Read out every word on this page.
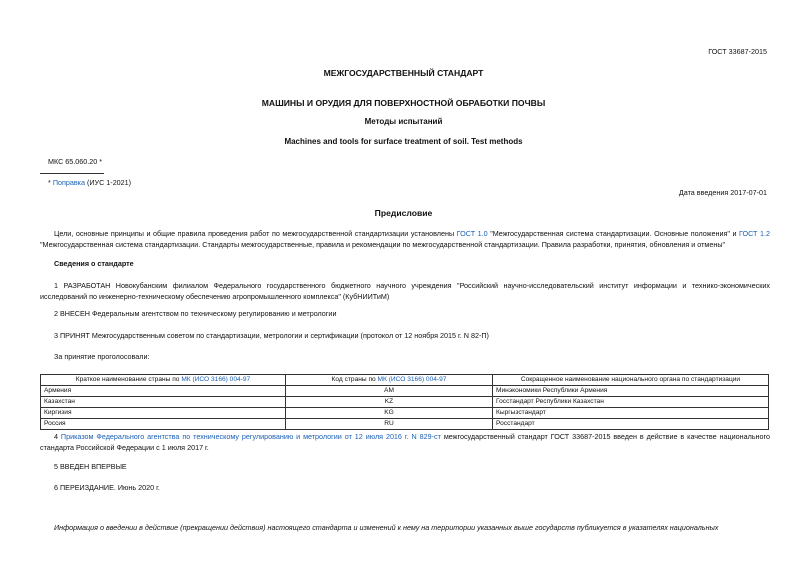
ГОСТ 33687-2015
МЕЖГОСУДАРСТВЕННЫЙ СТАНДАРТ
МАШИНЫ И ОРУДИЯ ДЛЯ ПОВЕРХНОСТНОЙ ОБРАБОТКИ ПОЧВЫ
Методы испытаний
Machines and tools for surface treatment of soil. Test methods
МКС 65.060.20 *
* Поправка (ИУС 1-2021)
Дата введения 2017-07-01
Предисловие

Цели, основные принципы и общие правила проведения работ по межгосударственной стандартизации установлены ГОСТ 1.0 "Межгосударственная система стандартизации. Основные положения" и ГОСТ 1.2 "Межгосударственная система стандартизации. Стандарты межгосударственные, правила и рекомендации по межгосударственной стандартизации. Правила разработки, принятия, обновления и отмены"

Сведения о стандарте

1 РАЗРАБОТАН Новокубанским филиалом Федерального государственного бюджетного научного учреждения "Российский научно-исследовательский институт информации и технико-экономических исследований по инженерно-техническому обеспечению агропромышленного комплекса" (КубНИИТиМ)

2 ВНЕСЕН Федеральным агентством по техническому регулированию и метрологии

3 ПРИНЯТ Межгосударственным советом по стандартизации, метрологии и сертификации (протокол от 12 ноября 2015 г. N 82-П)

За принятие проголосовали:

Краткое наименование страны по МК (ИСО 3166) 004-97	Код страны по МК (ИСО 3166) 004-97	Сокращенное наименование национального органа по стандартизации
Армения	AM	Минэкономики Республики Армения
Казахстан	KZ	Госстандарт Республики Казахстан
Киргизия	KG	Кыргызстандарт
Россия	RU	Росстандарт

4 Приказом Федерального агентства по техническому регулированию и метрологии от 12 июля 2016 г. N 829-ст межгосударственный стандарт ГОСТ 33687-2015 введен в действие в качестве национального стандарта Российской Федерации с 1 июля 2017 г.

5 ВВЕДЕН ВПЕРВЫЕ

6 ПЕРЕИЗДАНИЕ. Июнь 2020 г.

Информация о введении в действие (прекращении действия) настоящего стандарта и изменений к нему на территории указанных выше государств публикуется в указателях национальных
